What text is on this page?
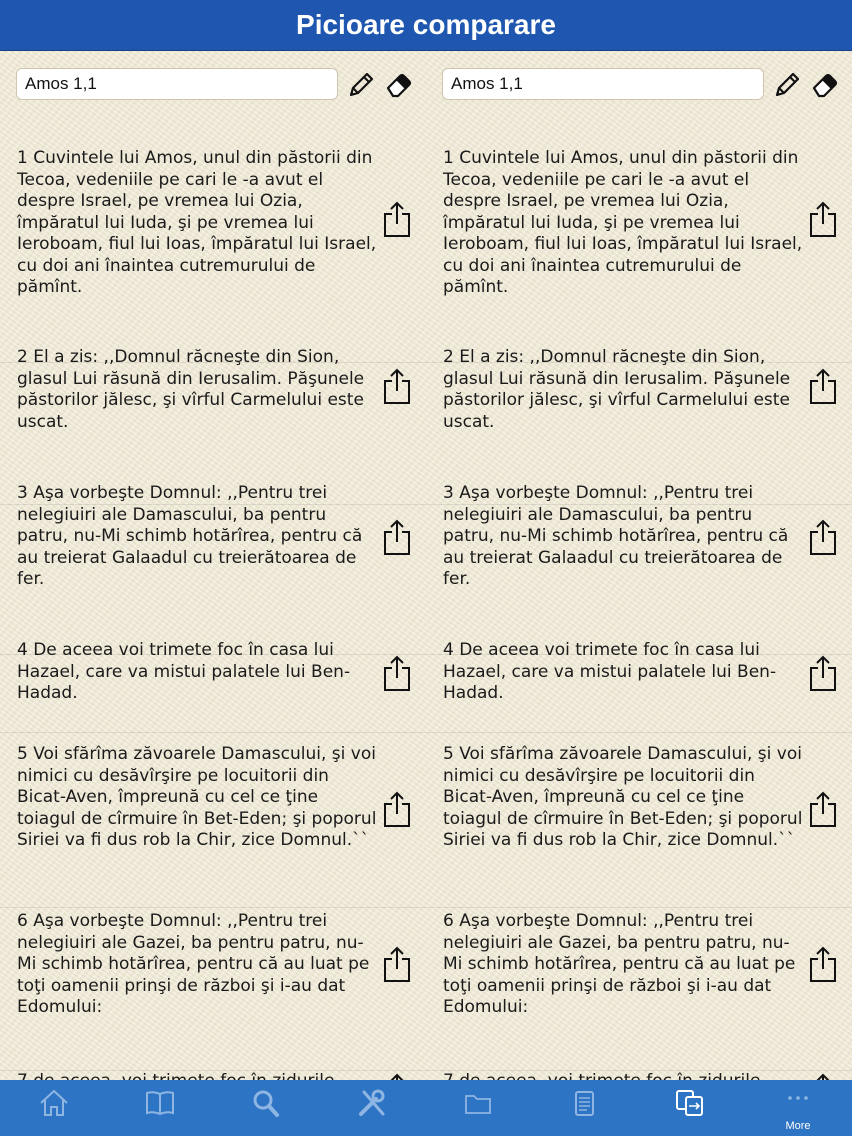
Picioare comparare
Amos 1,1

1 Cuvintele lui Amos, unul din păstorii din Tecoa, vedeniile pe cari le -a avut el despre Israel, pe vremea lui Ozia, împăratul lui Iuda, şi pe vremea lui Ieroboam, fiul lui Ioas, împăratul lui Israel, cu doi ani înaintea cutremurului de pămînt.

2 El a zis: ,,Domnul răcneşte din Sion, glasul Lui răsună din Ierusalim. Păşunele păstorilor jălesc, şi vîrful Carmelului este uscat.

3 Aşa vorbeşte Domnul: ,,Pentru trei nelegiuiri ale Damascului, ba pentru patru, nu-Mi schimb hotărîrea, pentru că au treierat Galaadul cu treierătoarea de fer.

4 De aceea voi trimete foc în casa lui Hazael, care va mistui palatele lui Ben-Hadad.

5 Voi sfărîma zăvoarele Damascului, şi voi nimici cu desăvîrşire pe locuitorii din Bicat-Aven, împreună cu cel ce ţine toiagul de cîrmuire în Bet-Eden; şi poporul Siriei va fi dus rob la Chir, zice Domnul.``

6 Aşa vorbeşte Domnul: ,,Pentru trei nelegiuiri ale Gazei, ba pentru patru, nu-Mi schimb hotărîrea, pentru că au luat pe toţi oamenii prinşi de război şi i-au dat Edomului:

Amos 1,1

1 Cuvintele lui Amos, unul din păstorii din Tecoa, vedeniile pe cari le -a avut el despre Israel, pe vremea lui Ozia, împăratul lui Iuda, şi pe vremea lui Ieroboam, fiul lui Ioas, împăratul lui Israel, cu doi ani înaintea cutremurului de pămînt.

2 El a zis: ,,Domnul răcneşte din Sion, glasul Lui răsună din Ierusalim. Păşunele păstorilor jălesc, şi vîrful Carmelului este uscat.

3 Aşa vorbeşte Domnul: ,,Pentru trei nelegiuiri ale Damascului, ba pentru patru, nu-Mi schimb hotărîrea, pentru că au treierat Galaadul cu treierătoarea de fer.

4 De aceea voi trimete foc în casa lui Hazael, care va mistui palatele lui Ben-Hadad.

5 Voi sfărîma zăvoarele Damascului, şi voi nimici cu desăvîrşire pe locuitorii din Bicat-Aven, împreună cu cel ce ţine toiagul de cîrmuire în Bet-Eden; şi poporul Siriei va fi dus rob la Chir, zice Domnul.``

6 Aşa vorbeşte Domnul: ,,Pentru trei nelegiuiri ale Gazei, ba pentru patru, nu-Mi schimb hotărîrea, pentru că au luat pe toţi oamenii prinşi de război şi i-au dat Edomului:

More
